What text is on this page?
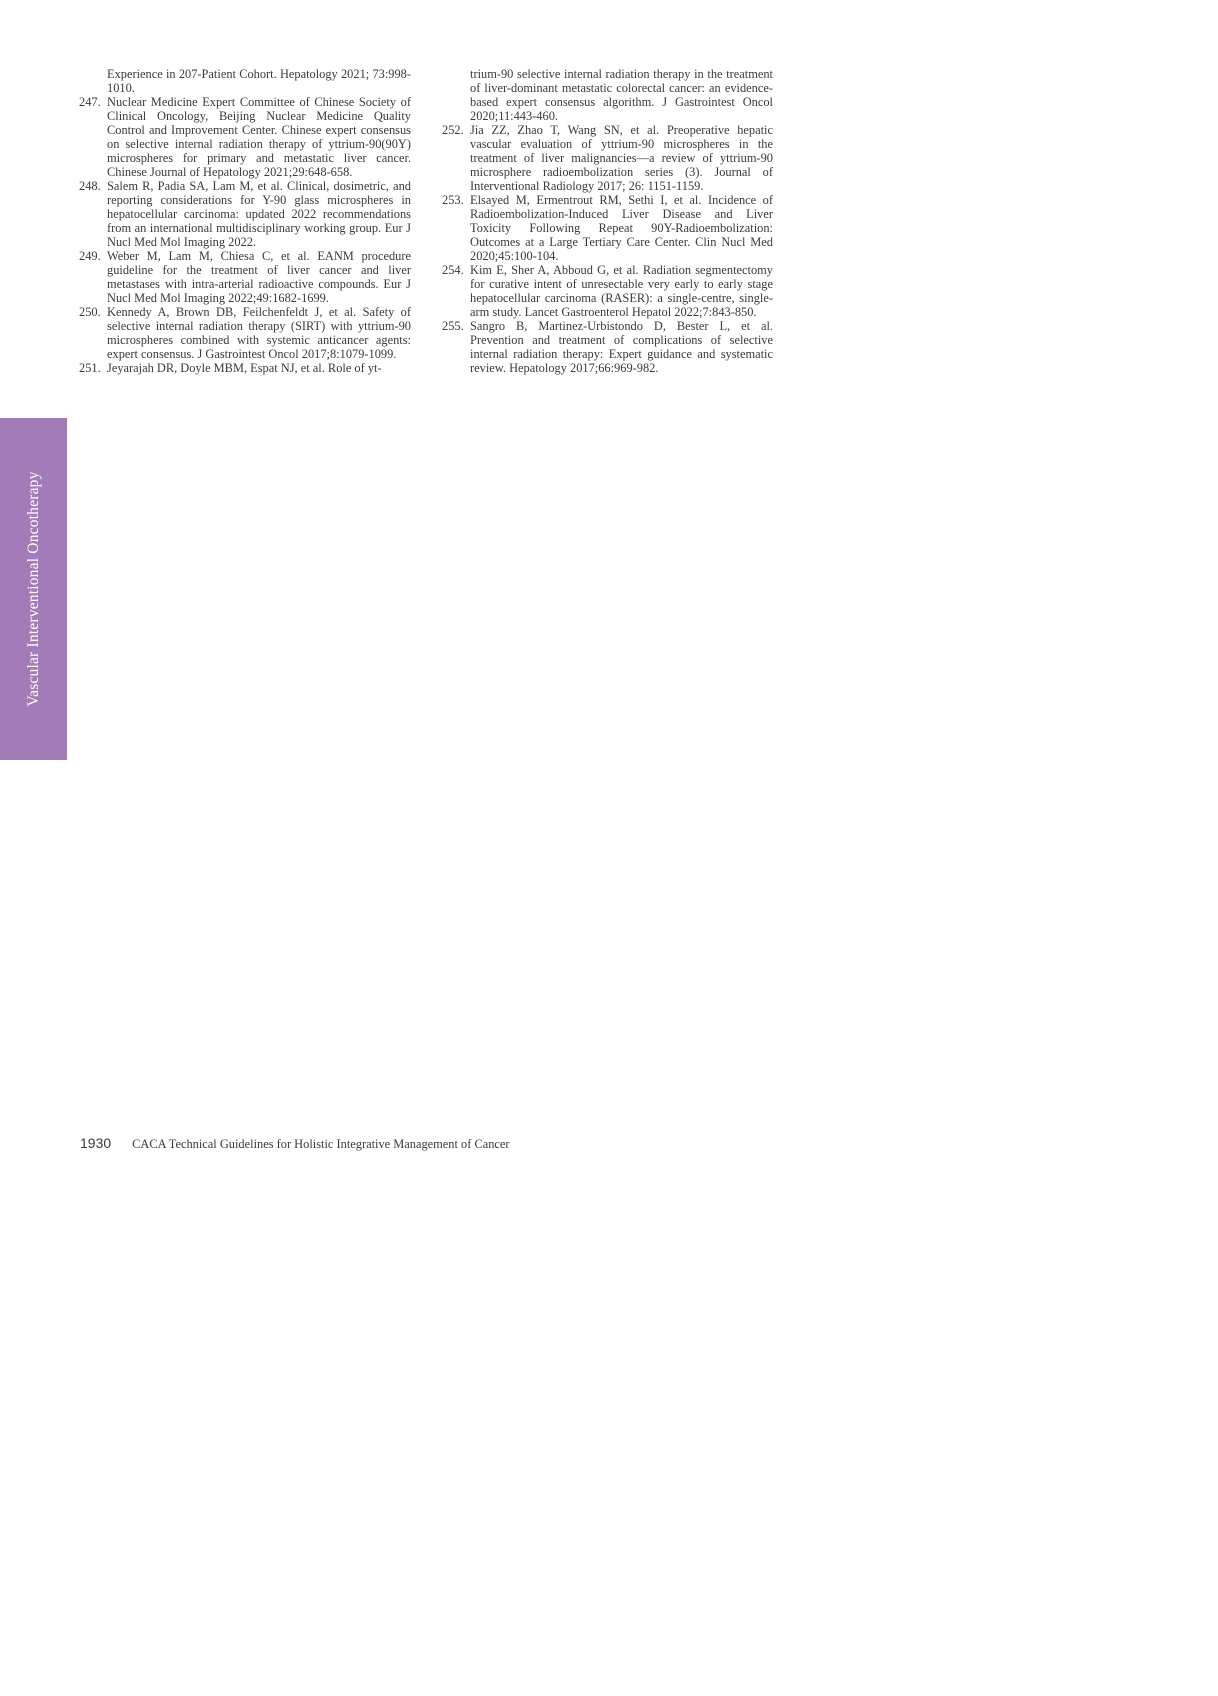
Vascular Interventional Oncotherapy
Experience in 207-Patient Cohort. Hepatology 2021; 73:998-1010.
247. Nuclear Medicine Expert Committee of Chinese Society of Clinical Oncology, Beijing Nuclear Medicine Quality Control and Improvement Center. Chinese expert consensus on selective internal radiation therapy of yttrium-90(90Y) microspheres for primary and metastatic liver cancer. Chinese Journal of Hepatology 2021;29:648-658.
248. Salem R, Padia SA, Lam M, et al. Clinical, dosimetric, and reporting considerations for Y-90 glass microspheres in hepatocellular carcinoma: updated 2022 recommendations from an international multidisciplinary working group. Eur J Nucl Med Mol Imaging 2022.
249. Weber M, Lam M, Chiesa C, et al. EANM procedure guideline for the treatment of liver cancer and liver metastases with intra-arterial radioactive compounds. Eur J Nucl Med Mol Imaging 2022;49:1682-1699.
250. Kennedy A, Brown DB, Feilchenfeldt J, et al. Safety of selective internal radiation therapy (SIRT) with yttrium-90 microspheres combined with systemic anticancer agents: expert consensus. J Gastrointest Oncol 2017;8:1079-1099.
251. Jeyarajah DR, Doyle MBM, Espat NJ, et al. Role of yt-
trium-90 selective internal radiation therapy in the treatment of liver-dominant metastatic colorectal cancer: an evidence-based expert consensus algorithm. J Gastrointest Oncol 2020;11:443-460.
252. Jia ZZ, Zhao T, Wang SN, et al. Preoperative hepatic vascular evaluation of yttrium-90 microspheres in the treatment of liver malignancies—a review of yttrium-90 microsphere radioembolization series (3). Journal of Interventional Radiology 2017; 26: 1151-1159.
253. Elsayed M, Ermentrout RM, Sethi I, et al. Incidence of Radioembolization-Induced Liver Disease and Liver Toxicity Following Repeat 90Y-Radioembolization: Outcomes at a Large Tertiary Care Center. Clin Nucl Med 2020;45:100-104.
254. Kim E, Sher A, Abboud G, et al. Radiation segmentectomy for curative intent of unresectable very early to early stage hepatocellular carcinoma (RASER): a single-centre, single-arm study. Lancet Gastroenterol Hepatol 2022;7:843-850.
255. Sangro B, Martinez-Urbistondo D, Bester L, et al. Prevention and treatment of complications of selective internal radiation therapy: Expert guidance and systematic review. Hepatology 2017;66:969-982.
1930 CACA Technical Guidelines for Holistic Integrative Management of Cancer
